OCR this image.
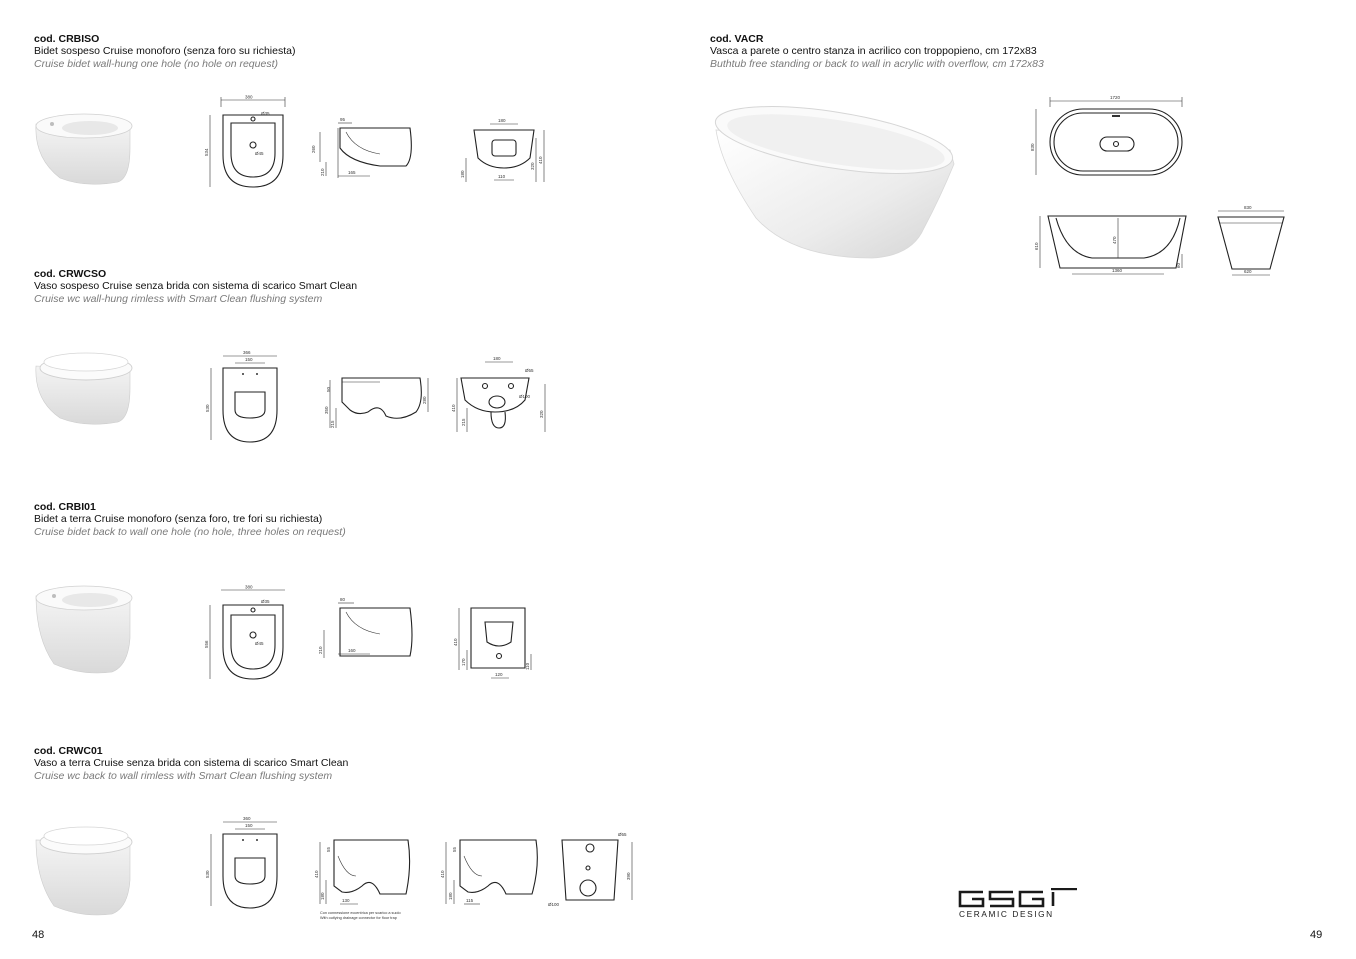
cod. CRBISO
Bidet sospeso Cruise monoforo (senza foro su richiesta)
Cruise bidet wall-hung one hole (no hole on request)
380
534
Ø35
Ø45
260
95
165
210
180
410
320
180	110
cod. CRWCSO
Vaso sospeso Cruise senza brida con sistema di scarico Smart Clean
Cruise wc wall-hung rimless with Smart Clean flushing system
366
150
530	350
215
50
280
180
Ø55
Ø100
410
320
215
cod. CRBI01
Bidet a terra Cruise monoforo (senza foro, tre fori su richiesta)
Cruise bidet back to wall one hole (no hole, three holes on request)
380
556
Ø35
Ø45
80
160
210
410
170
110
120
cod. CRWC01
Vaso a terra Cruise senza brida con sistema di scarico Smart Clean
Cruise wc back to wall rimless with Smart Clean flushing system
360
150
530	410
180
55
130
Con connessione eccentrica per scarico a suolo
With outlying drainage connector for floor trap
410
180
55
115
Ø55
Ø100
390
48
cod. VACR
Vasca a parete o centro stanza in acrilico con troppopieno, cm 172x83
Buthtub free standing or back to wall in acrylic with overflow, cm 172x83
1720
830
610
470
1360
60
830
620
CERAMIC DESIGN
49
